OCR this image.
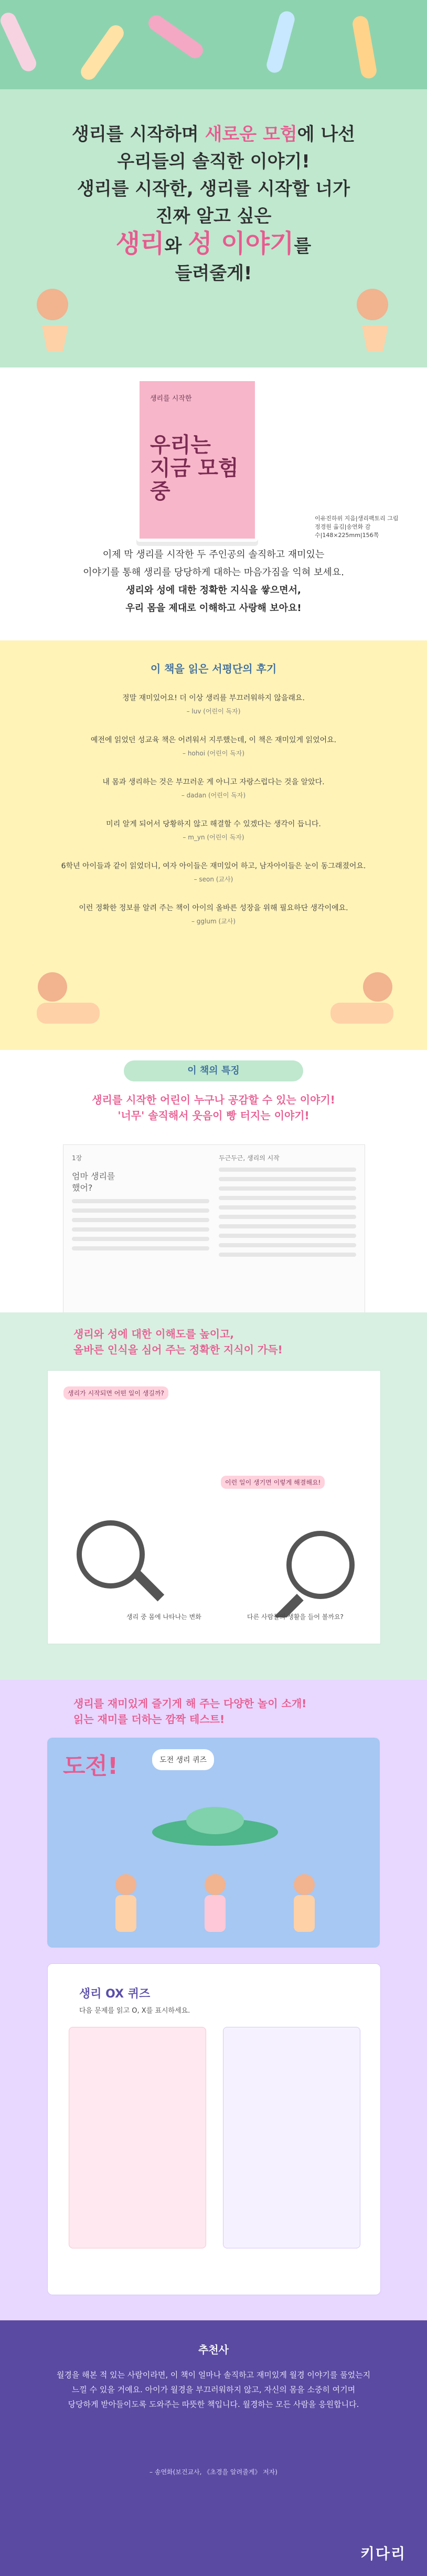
생리를 시작하며 새로운 모험에 나선
우리들의 솔직한 이야기!
생리를 시작한, 생리를 시작할 너가
진짜 알고 싶은
생리와 성 이야기를
들려줄게!
생리를 시작한
우리는
지금 모험 중
이유진하위 지음|생리팩토리 그림
정경원 옮김|송연화 감수|148×225mm|156쪽
이제 막 생리를 시작한 두 주인공의 솔직하고 재미있는
이야기를 통해 생리를 당당하게 대하는 마음가짐을 익혀 보세요.
생리와 성에 대한 정확한 지식을 쌓으면서,
우리 몸을 제대로 이해하고 사랑해 보아요!
이 책을 읽은 서평단의 후기
정말 재미있어요! 더 이상 생리를 부끄러워하지 않을래요.
– luv (어린이 독자)
예전에 읽었던 성교육 책은 어려워서 지루했는데, 이 책은 재미있게 읽었어요.
– hohoi (어린이 독자)
내 몸과 생리하는 것은 부끄러운 게 아니고 자랑스럽다는 것을 알았다.
– dadan (어린이 독자)
미리 알게 되어서 당황하지 않고 해결할 수 있겠다는 생각이 듭니다.
– m_yn (어린이 독자)
6학년 아이들과 같이 읽었더니, 여자 아이들은 재미있어 하고, 남자아이들은 눈이 동그래졌어요.
– seon (교사)
이런 정확한 정보를 알려 주는 책이 아이의 올바른 성장을 위해 필요하단 생각이에요.
– gglum (교사)
이 책의 특징
생리를 시작한 어린이 누구나 공감할 수 있는 이야기!
'너무' 솔직해서 웃음이 빵 터지는 이야기!
1장
엄마 생리를
했어?
두근두근, 생리의 시작
생리와 성에 대한 이해도를 높이고,
올바른 인식을 심어 주는 정확한 지식이 가득!
생리가 시작되면 어떤 일이 생길까?
이런 일이 생기면 이렇게 해결해요!
생리 중 몸에 나타나는 변화	다른 사람들의 생활을 들어 볼까요?
생리를 재미있게 즐기게 해 주는 다양한 놀이 소개!
읽는 재미를 더하는 깜짝 테스트!
도전!	도전 생리 퀴즈
생리 OX 퀴즈
다음 문제를 읽고 O, X를 표시하세요.
추천사
월경을 해본 적 있는 사람이라면, 이 책이 얼마나 솔직하고 재미있게 월경 이야기를 풀었는지
느낄 수 있을 거예요. 아이가 월경을 부끄러워하지 않고, 자신의 몸을 소중히 여기며
당당하게 받아들이도록 도와주는 따뜻한 책입니다. 월경하는 모든 사람을 응원합니다.
– 송연화(보건교사, 《초경을 알려줄게》 저자)
키다리
